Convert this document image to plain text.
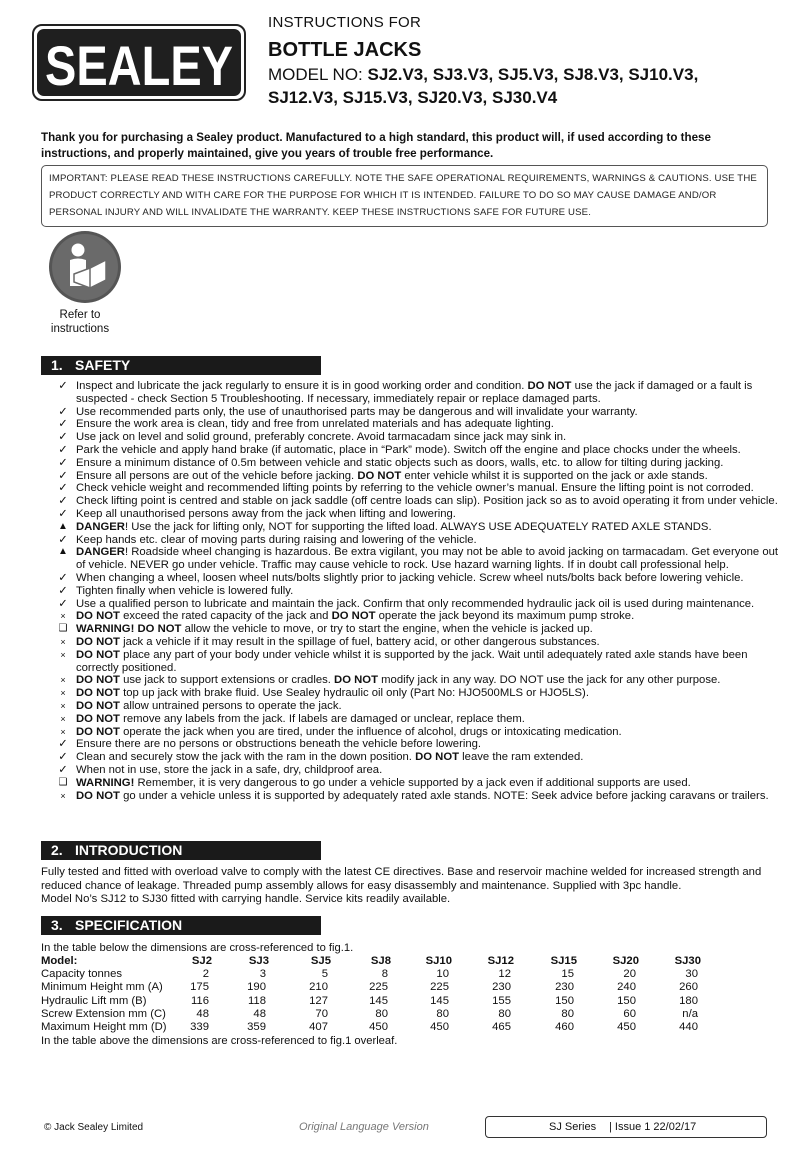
SEALEY
INSTRUCTIONS FOR
BOTTLE JACKS
MODEL NO: SJ2.V3, SJ3.V3, SJ5.V3, SJ8.V3, SJ10.V3,
SJ12.V3, SJ15.V3, SJ20.V3, SJ30.V4
Thank you for purchasing a Sealey product. Manufactured to a high standard, this product will, if used according to these instructions, and properly maintained, give you years of trouble free performance.
IMPORTANT: PLEASE READ THESE INSTRUCTIONS CAREFULLY. NOTE THE SAFE OPERATIONAL REQUIREMENTS, WARNINGS & CAUTIONS. USE THE PRODUCT CORRECTLY AND WITH CARE FOR THE PURPOSE FOR WHICH IT IS INTENDED. FAILURE TO DO SO MAY CAUSE DAMAGE AND/OR PERSONAL INJURY AND WILL INVALIDATE THE WARRANTY. KEEP THESE INSTRUCTIONS SAFE FOR FUTURE USE.
Refer to instructions
1. SAFETY
✓ Inspect and lubricate the jack regularly to ensure it is in good working order and condition. DO NOT use the jack if damaged or a fault is suspected - check Section 5 Troubleshooting. If necessary, immediately repair or replace damaged parts.
✓ Use recommended parts only, the use of unauthorised parts may be dangerous and will invalidate your warranty.
✓ Ensure the work area is clean, tidy and free from unrelated materials and has adequate lighting.
✓ Use jack on level and solid ground, preferably concrete. Avoid tarmacadam since jack may sink in.
✓ Park the vehicle and apply hand brake (if automatic, place in “Park” mode). Switch off the engine and place chocks under the wheels.
✓ Ensure a minimum distance of 0.5m between vehicle and static objects such as doors, walls, etc. to allow for tilting during jacking.
✓ Ensure all persons are out of the vehicle before jacking. DO NOT enter vehicle whilst it is supported on the jack or axle stands.
✓ Check vehicle weight and recommended lifting points by referring to the vehicle owner’s manual. Ensure the lifting point is not corroded.
✓ Check lifting point is centred and stable on jack saddle (off centre loads can slip). Position jack so as to avoid operating it from under vehicle.
✓ Keep all unauthorised persons away from the jack when lifting and lowering.
▲ DANGER! Use the jack for lifting only, NOT for supporting the lifted load. ALWAYS USE ADEQUATELY RATED AXLE STANDS.
✓ Keep hands etc. clear of moving parts during raising and lowering of the vehicle.
▲ DANGER! Roadside wheel changing is hazardous. Be extra vigilant, you may not be able to avoid jacking on tarmacadam. Get everyone out of vehicle. NEVER go under vehicle. Traffic may cause vehicle to rock. Use hazard warning lights. If in doubt call professional help.
✓ When changing a wheel, loosen wheel nuts/bolts slightly prior to jacking vehicle. Screw wheel nuts/bolts back before lowering vehicle.
✓ Tighten finally when vehicle is lowered fully.
✓ Use a qualified person to lubricate and maintain the jack. Confirm that only recommended hydraulic jack oil is used during maintenance.
× DO NOT exceed the rated capacity of the jack and DO NOT operate the jack beyond its maximum pump stroke.
❑ WARNING! DO NOT allow the vehicle to move, or try to start the engine, when the vehicle is jacked up.
× DO NOT jack a vehicle if it may result in the spillage of fuel, battery acid, or other dangerous substances.
× DO NOT place any part of your body under vehicle whilst it is supported by the jack. Wait until adequately rated axle stands have been correctly positioned.
× DO NOT use jack to support extensions or cradles. DO NOT modify jack in any way. DO NOT use the jack for any other purpose.
× DO NOT top up jack with brake fluid. Use Sealey hydraulic oil only (Part No: HJO500MLS or HJO5LS).
× DO NOT allow untrained persons to operate the jack.
× DO NOT remove any labels from the jack. If labels are damaged or unclear, replace them.
× DO NOT operate the jack when you are tired, under the influence of alcohol, drugs or intoxicating medication.
✓ Ensure there are no persons or obstructions beneath the vehicle before lowering.
✓ Clean and securely stow the jack with the ram in the down position. DO NOT leave the ram extended.
✓ When not in use, store the jack in a safe, dry, childproof area.
❑ WARNING! Remember, it is very dangerous to go under a vehicle supported by a jack even if additional supports are used.
× DO NOT go under a vehicle unless it is supported by adequately rated axle stands. NOTE: Seek advice before jacking caravans or trailers.
2. INTRODUCTION
Fully tested and fitted with overload valve to comply with the latest CE directives. Base and reservoir machine welded for increased strength and reduced chance of leakage. Threaded pump assembly allows for easy disassembly and maintenance. Supplied with 3pc handle.
Model No’s SJ12 to SJ30 fitted with carrying handle. Service kits readily available.
3. SPECIFICATION
In the table below the dimensions are cross-referenced to fig.1.
Model:	SJ2	SJ3	SJ5	SJ8	SJ10	SJ12	SJ15	SJ20	SJ30
Capacity tonnes	2	3	5	8	10	12	15	20	30
Minimum Height mm (A)	175	190	210	225	225	230	230	240	260
Hydraulic Lift mm (B)	116	118	127	145	145	155	150	150	180
Screw Extension mm (C)	48	48	70	80	80	80	80	60	n/a
Maximum Height mm (D)	339	359	407	450	450	465	460	450	440
In the table above the dimensions are cross-referenced to fig.1 overleaf.
© Jack Sealey Limited	Original Language Version	SJ Series | Issue 1 22/02/17
